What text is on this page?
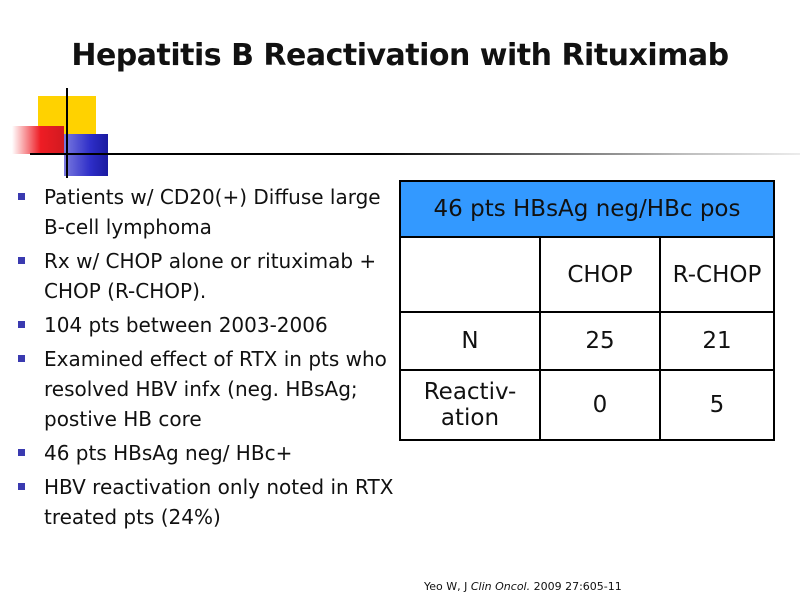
Hepatitis B Reactivation with Rituximab
Patients w/ CD20(+) Diffuse large B-cell lymphoma
Rx w/ CHOP alone or rituximab + CHOP (R-CHOP).
104 pts between 2003-2006
Examined effect of RTX in pts who resolved HBV infx (neg. HBsAg; postive HB core
46 pts HBsAg neg/ HBc+
HBV reactivation only noted in RTX treated pts (24%)
46 pts HBsAg neg/HBc pos		
	CHOP	R-CHOP
N	25	21
Reactiv-
ation	0	5
Yeo W, J Clin Oncol. 2009 27:605-11
